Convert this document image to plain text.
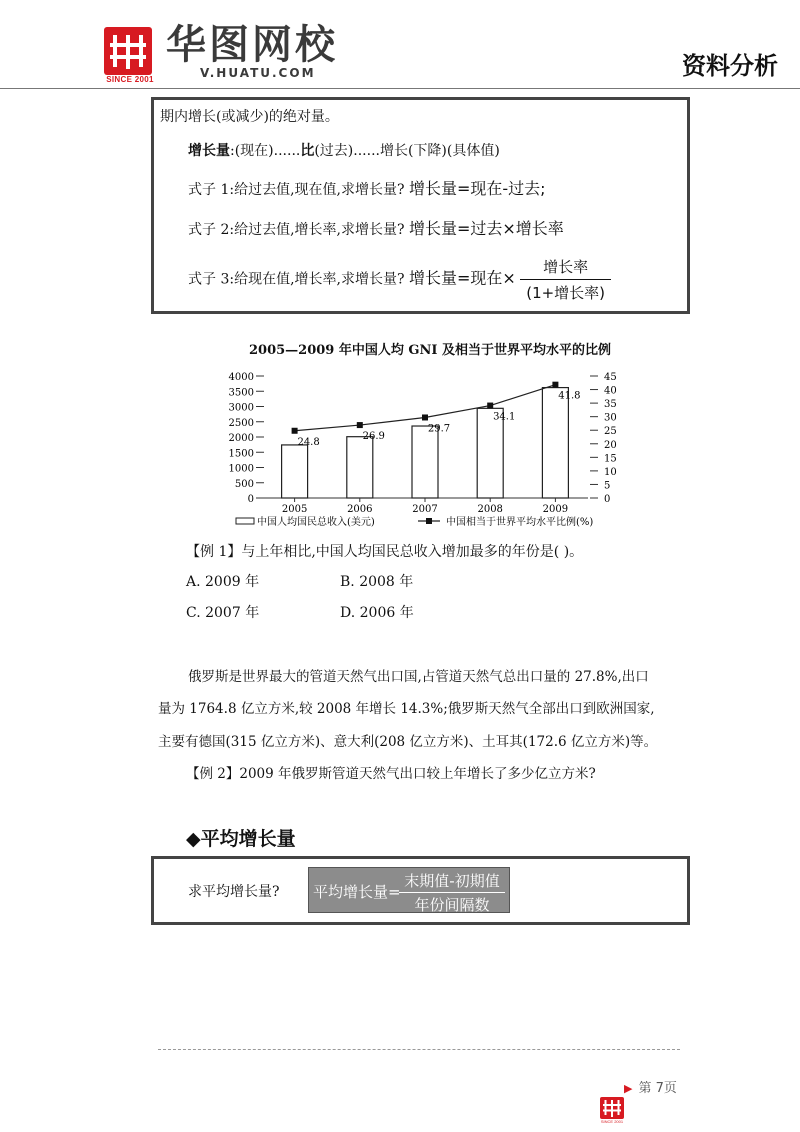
SINCE 2001
华图网校
V.HUATU.COM	资料分析
期内增长(或减少)的绝对量。
增长量:(现在)......比(过去)......增长(下降)(具体值)
式子 1:给过去值,现在值,求增长量? 增长量=现在-过去;
式子 2:给过去值,增长率,求增长量? 增长量=过去×增长率
式子 3:给现在值,增长率,求增长量? 增长量=现在× $\frac{\text{增长率}}{\text{(1+增长率)}}$
2005—2009 年中国人均 GNI 及相当于世界平均水平的比例
0
500
1000
1500
2000
2500
3000
3500
4000
0
5
10
15
20
25
30
35
40
45
2005	2006	2007	2008	2009
24.8
26.9
29.7
34.1
41.8
中国人均国民总收入(美元)	中国相当于世界平均水平比例(%)
【例 1】与上年相比,中国人均国民总收入增加最多的年份是( )。
A. 2009 年	B. 2008 年
C. 2007 年	D. 2006 年
俄罗斯是世界最大的管道天然气出口国,占管道天然气总出口量的 27.8%,出口
量为 1764.8 亿立方米,较 2008 年增长 14.3%;俄罗斯天然气全部出口到欧洲国家,
主要有德国(315 亿立方米)、意大利(208 亿立方米)、土耳其(172.6 亿立方米)等。
【例 2】2009 年俄罗斯管道天然气出口较上年增长了多少亿立方米?
◆平均增长量
求平均增长量? 平均增长量=
末期值-初期值
年份间隔数
▶ 第 7页
SINCE 2001
